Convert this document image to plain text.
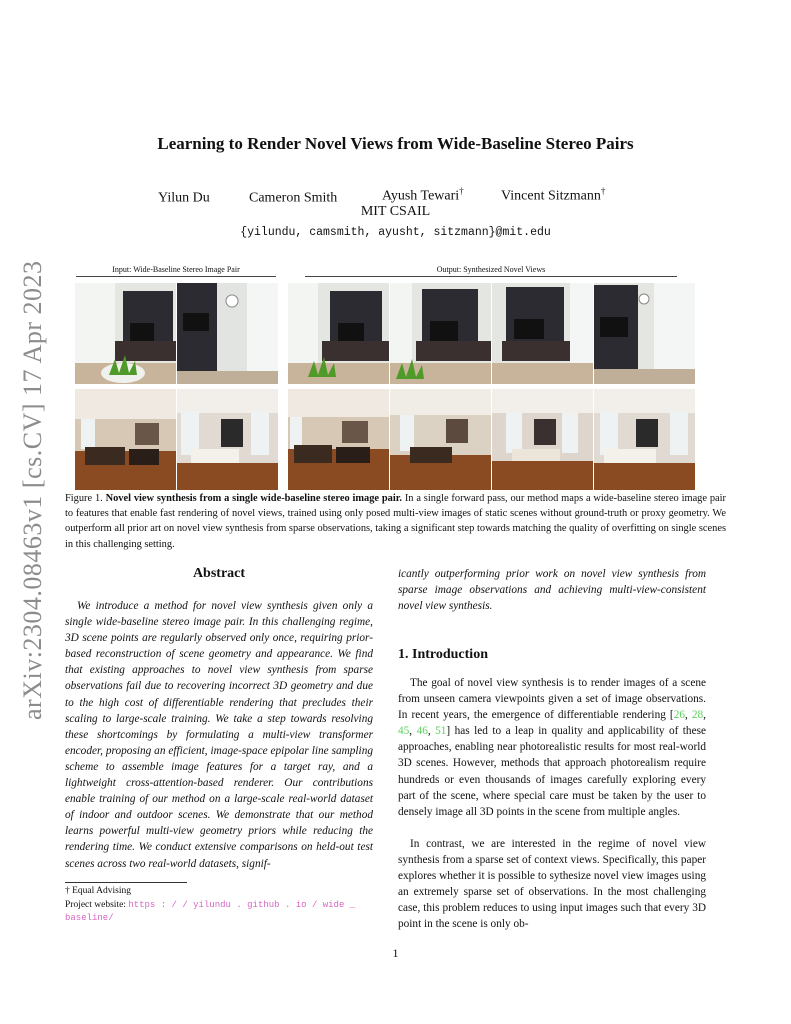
arXiv:2304.08463v1 [cs.CV] 17 Apr 2023
Learning to Render Novel Views from Wide-Baseline Stereo Pairs
Yilun Du	Cameron Smith	Ayush Tewari†	Vincent Sitzmann†
MIT CSAIL
{yilundu, camsmith, ayusht, sitzmann}@mit.edu
Input: Wide-Baseline Stereo Image Pair	Output: Synthesized Novel Views
Figure 1. Novel view synthesis from a single wide-baseline stereo image pair. In a single forward pass, our method maps a wide-baseline stereo image pair to features that enable fast rendering of novel views, trained using only posed multi-view images of static scenes without ground-truth or proxy geometry. We outperform all prior art on novel view synthesis from sparse observations, taking a significant step towards matching the quality of overfitting on single scenes in this challenging setting.
Abstract
We introduce a method for novel view synthesis given only a single wide-baseline stereo image pair. In this challenging regime, 3D scene points are regularly observed only once, requiring prior-based reconstruction of scene geometry and appearance. We find that existing approaches to novel view synthesis from sparse observations fail due to recovering incorrect 3D geometry and due to the high cost of differentiable rendering that precludes their scaling to large-scale training. We take a step towards resolving these shortcomings by formulating a multi-view transformer encoder, proposing an efficient, image-space epipolar line sampling scheme to assemble image features for a target ray, and a lightweight cross-attention-based renderer. Our contributions enable training of our method on a large-scale real-world dataset of indoor and outdoor scenes. We demonstrate that our method learns powerful multi-view geometry priors while reducing the rendering time. We conduct extensive comparisons on held-out test scenes across two real-world datasets, signif-
† Equal Advising
Project website: https : / / yilundu . github . io / wide _
baseline/
icantly outperforming prior work on novel view synthesis from sparse image observations and achieving multi-view-consistent novel view synthesis.
1. Introduction
The goal of novel view synthesis is to render images of a scene from unseen camera viewpoints given a set of image observations. In recent years, the emergence of differentiable rendering [26, 28, 45, 46, 51] has led to a leap in quality and applicability of these approaches, enabling near photorealistic results for most real-world 3D scenes. However, methods that approach photorealism require hundreds or even thousands of images carefully exploring every part of the scene, where special care must be taken by the user to densely image all 3D points in the scene from multiple angles.
In contrast, we are interested in the regime of novel view synthesis from a sparse set of context views. Specifically, this paper explores whether it is possible to sythesize novel view images using an extremely sparse set of observations. In the most challenging case, this problem reduces to using input images such that every 3D point in the scene is only ob-
1
